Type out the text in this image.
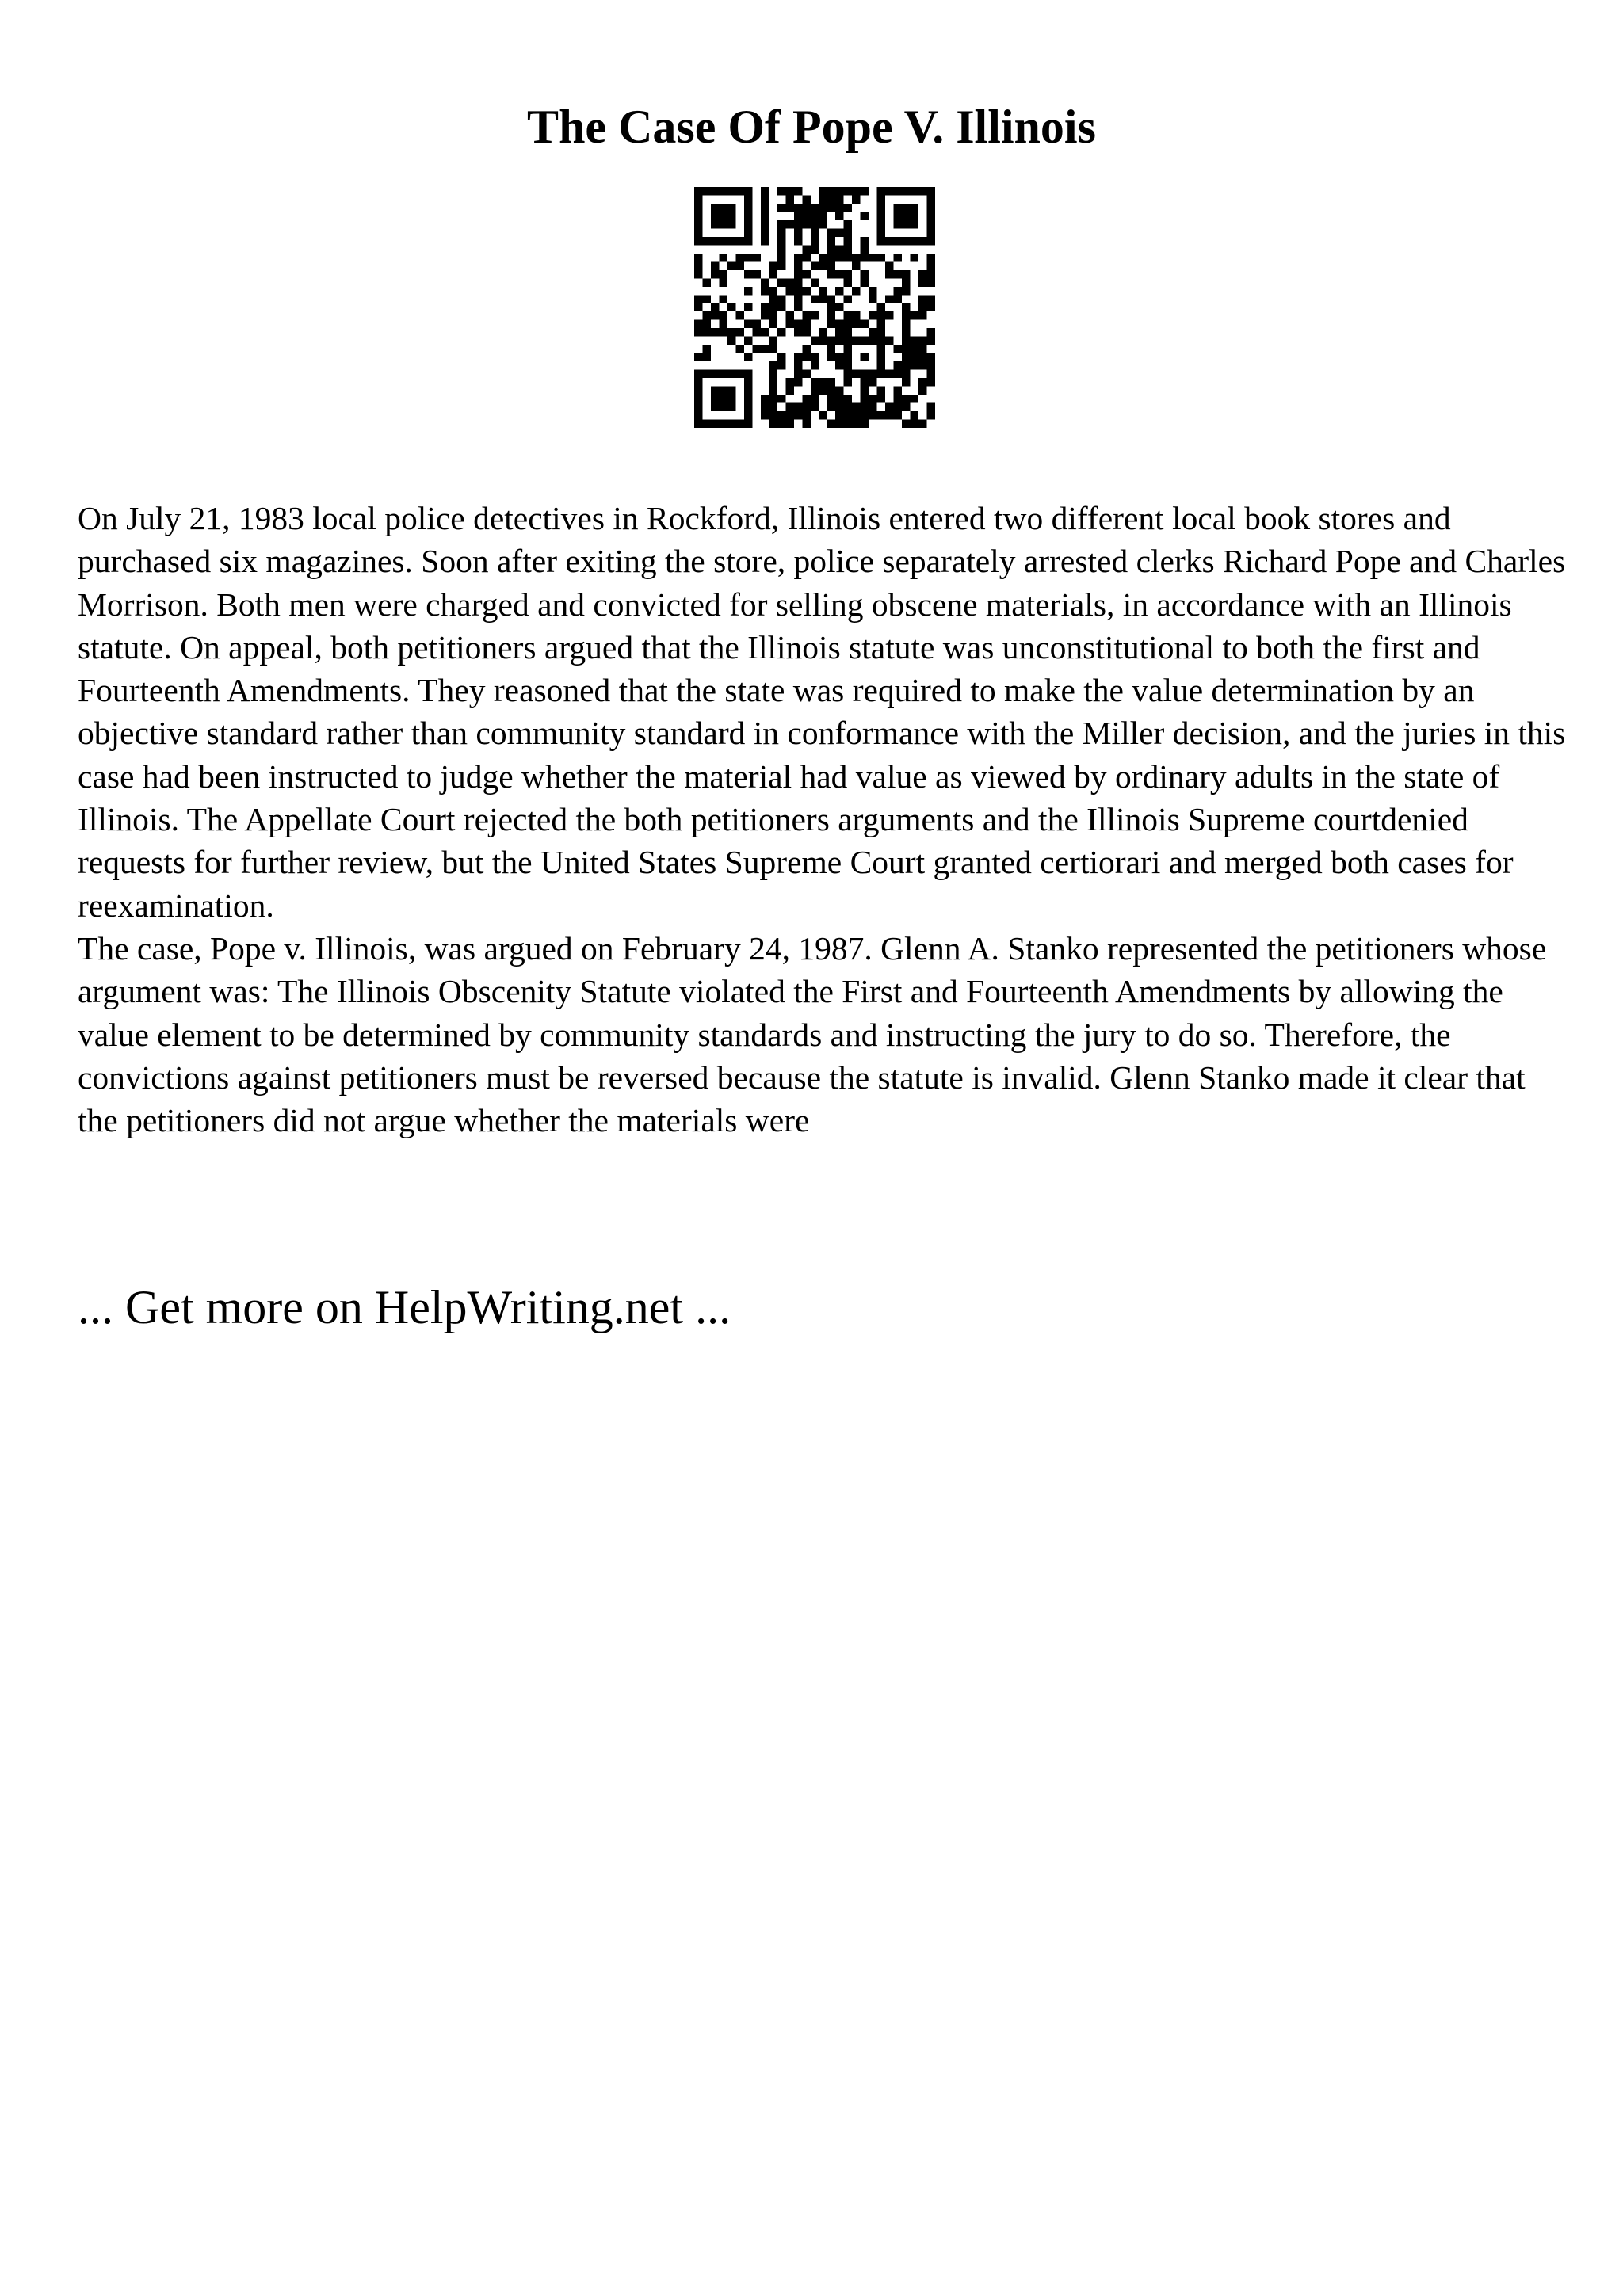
The Case Of Pope V. Illinois

On July 21, 1983 local police detectives in Rockford, Illinois entered two different local book stores and purchased six magazines. Soon after exiting the store, police separately arrested clerks Richard Pope and Charles Morrison. Both men were charged and convicted for selling obscene materials, in accordance with an Illinois statute. On appeal, both petitioners argued that the Illinois statute was unconstitutional to both the first and Fourteenth Amendments. They reasoned that the state was required to make the value determination by an objective standard rather than community standard in conformance with the Miller decision, and the juries in this case had been instructed to judge whether the material had value as viewed by ordinary adults in the state of Illinois. The Appellate Court rejected the both petitioners arguments and the Illinois Supreme courtdenied requests for further review, but the United States Supreme Court granted certiorari and merged both cases for reexamination.

The case, Pope v. Illinois, was argued on February 24, 1987. Glenn A. Stanko represented the petitioners whose argument was: The Illinois Obscenity Statute violated the First and Fourteenth Amendments by allowing the value element to be determined by community standards and instructing the jury to do so. Therefore, the convictions against petitioners must be reversed because the statute is invalid. Glenn Stanko made it clear that the petitioners did not argue whether the materials were

... Get more on HelpWriting.net ...
